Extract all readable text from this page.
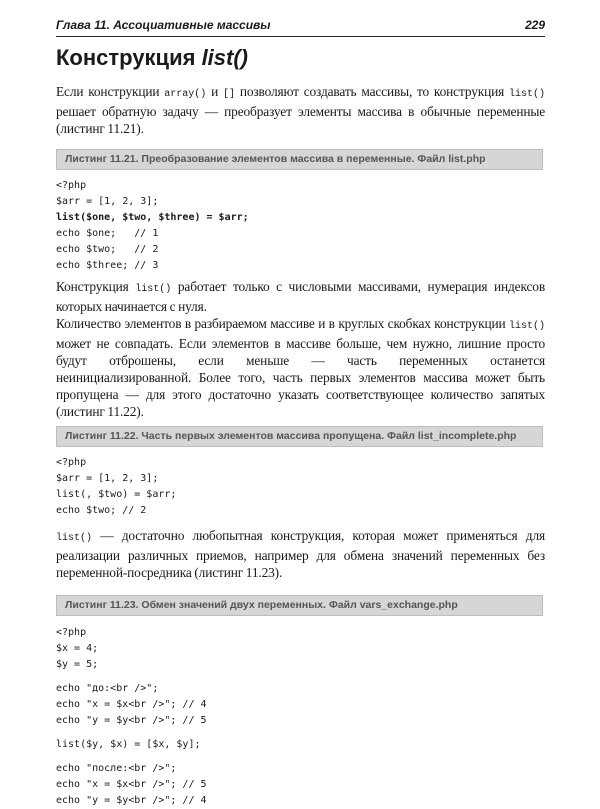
Глава 11. Ассоциативные массивы	229
Конструкция list()
Если конструкции array() и [] позволяют создавать массивы, то конструкция list() решает обратную задачу — преобразует элементы массива в обычные переменные (листинг 11.21).
Листинг 11.21. Преобразование элементов массива в переменные. Файл list.php
<?php
$arr = [1, 2, 3];
list($one, $two, $three) = $arr;
echo $one;   // 1
echo $two;   // 2
echo $three; // 3
Конструкция list() работает только с числовыми массивами, нумерация индексов которых начинается с нуля.
Количество элементов в разбираемом массиве и в круглых скобках конструкции list() может не совпадать. Если элементов в массиве больше, чем нужно, лишние просто будут отброшены, если меньше — часть переменных останется неинициализированной. Более того, часть первых элементов массива может быть пропущена — для этого достаточно указать соответствующее количество запятых (листинг 11.22).
Листинг 11.22. Часть первых элементов массива пропущена. Файл list_incomplete.php
<?php
$arr = [1, 2, 3];
list(, $two) = $arr;
echo $two; // 2
list() — достаточно любопытная конструкция, которая может применяться для реализации различных приемов, например для обмена значений переменных без переменной-посредника (листинг 11.23).
Листинг 11.23. Обмен значений двух переменных. Файл vars_exchange.php
<?php
$x = 4;
$y = 5;
echo "до:<br />";
echo "x = $x<br />"; // 4
echo "y = $y<br />"; // 5
list($y, $x) = [$x, $y];
echo "после:<br />";
echo "x = $x<br />"; // 5
echo "y = $y<br />"; // 4
